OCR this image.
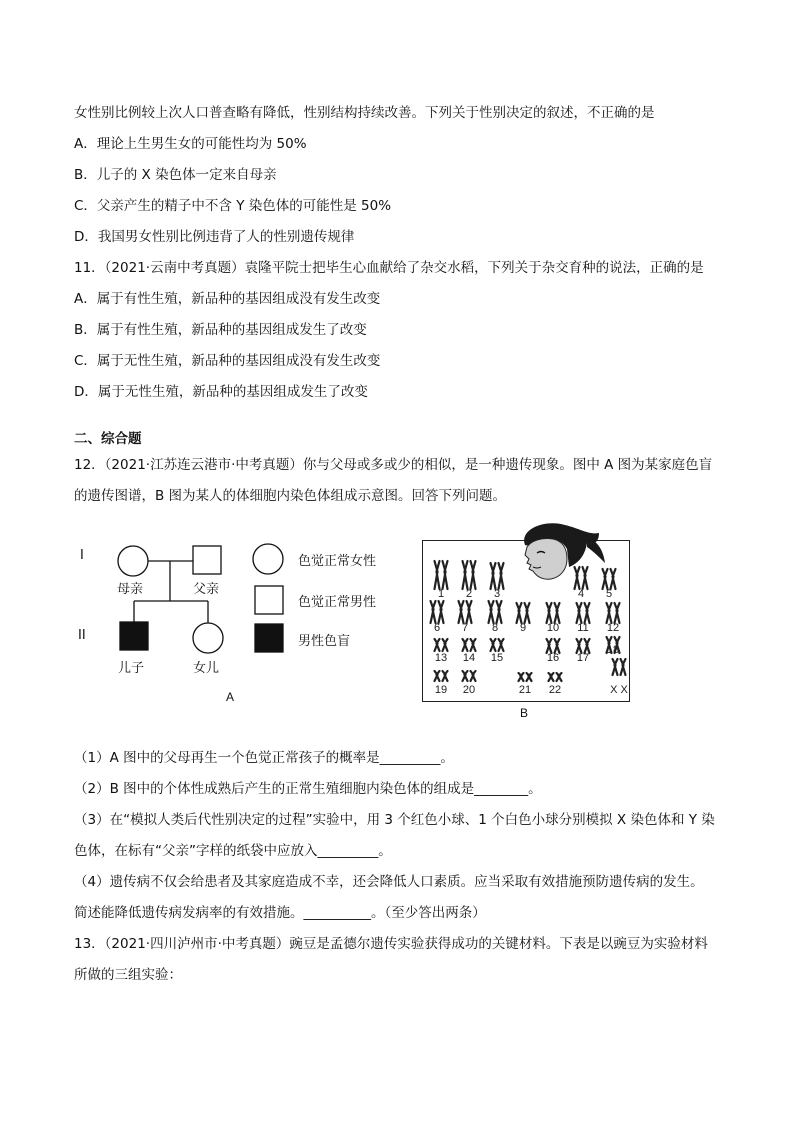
女性别比例较上次人口普查略有降低，性别结构持续改善。下列关于性别决定的叙述，不正确的是
A．理论上生男生女的可能性均为 50%
B．儿子的 X 染色体一定来自母亲
C．父亲产生的精子中不含 Y 染色体的可能性是 50%
D．我国男女性别比例违背了人的性别遗传规律
11．（2021·云南中考真题）袁隆平院士把毕生心血献给了杂交水稻，下列关于杂交育种的说法，正确的是
A．属于有性生殖，新品种的基因组成没有发生改变
B．属于有性生殖，新品种的基因组成发生了改变
C．属于无性生殖，新品种的基因组成没有发生改变
D．属于无性生殖，新品种的基因组成发生了改变
二、综合题
12．（2021·江苏连云港市·中考真题）你与父母或多或少的相似，是一种遗传现象。图中 A 图为某家庭色盲
的遗传图谱，B 图为某人的体细胞内染色体组成示意图。回答下列问题。
I
II
母亲	父亲
儿子	女儿
色觉正常女性
色觉正常男性
男性色盲
A
1 2 3	4 5
6 7 8 9 10 11 12
13 14 15	16 17
18
19 20	21 22	X X
B
（1）A 图中的父母再生一个色觉正常孩子的概率是_________。
（2）B 图中的个体性成熟后产生的正常生殖细胞内染色体的组成是________。
（3）在“模拟人类后代性别决定的过程”实验中，用 3 个红色小球、1 个白色小球分别模拟 X 染色体和 Y 染
色体，在标有“父亲”字样的纸袋中应放入_________。
（4）遗传病不仅会给患者及其家庭造成不幸，还会降低人口素质。应当采取有效措施预防遗传病的发生。
简述能降低遗传病发病率的有效措施。__________。（至少答出两条）
13．（2021·四川泸州市·中考真题）豌豆是孟德尔遗传实验获得成功的关键材料。下表是以豌豆为实验材料
所做的三组实验：
